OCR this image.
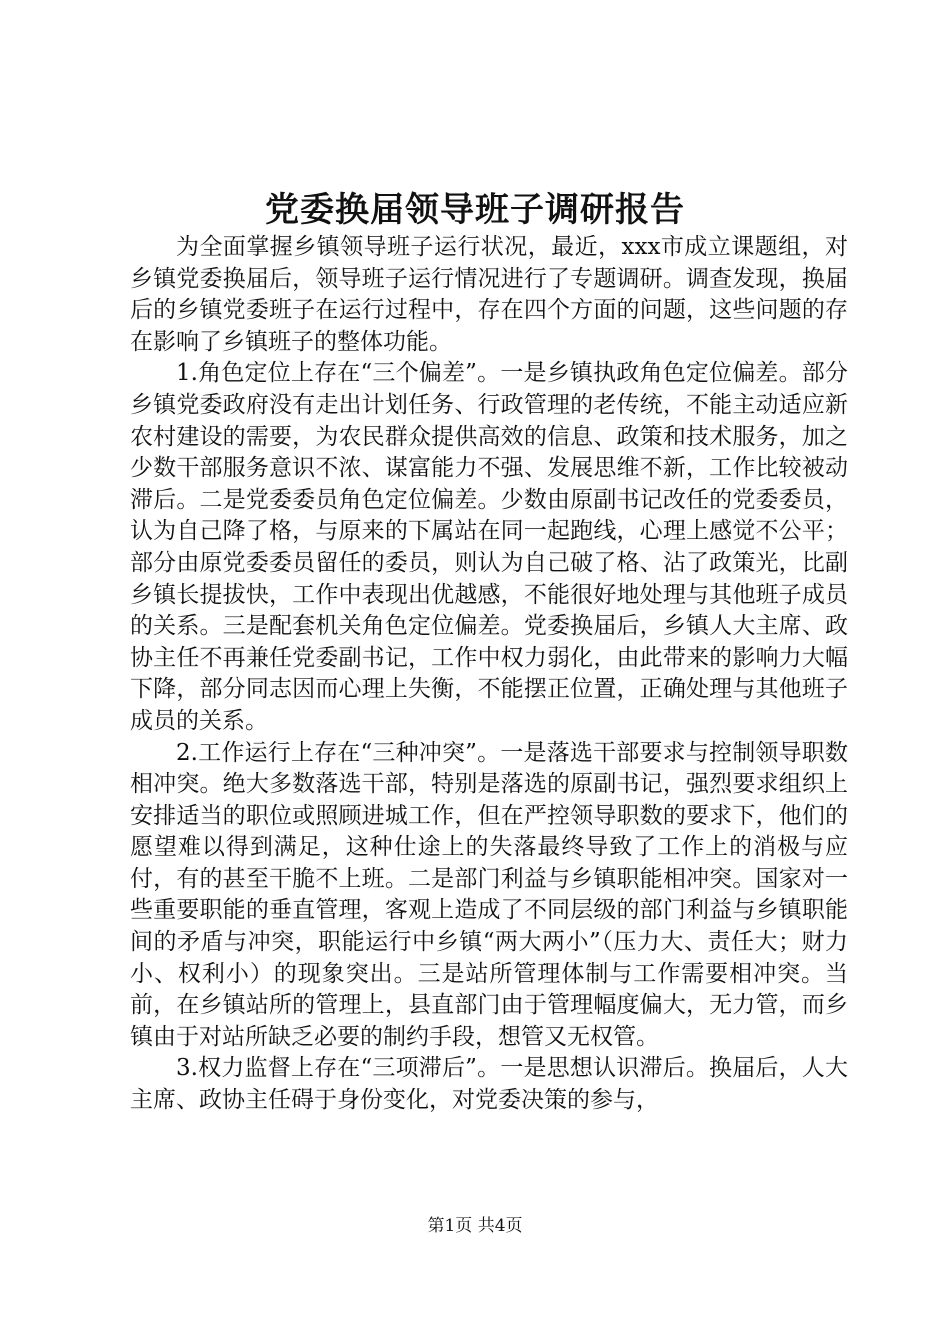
党委换届领导班子调研报告

为全面掌握乡镇领导班子运行状况，最近，xxx市成立课题组，对乡镇党委换届后，领导班子运行情况进行了专题调研。调查发现，换届后的乡镇党委班子在运行过程中，存在四个方面的问题，这些问题的存在影响了乡镇班子的整体功能。

1.角色定位上存在“三个偏差”。一是乡镇执政角色定位偏差。部分乡镇党委政府没有走出计划任务、行政管理的老传统，不能主动适应新农村建设的需要，为农民群众提供高效的信息、政策和技术服务，加之少数干部服务意识不浓、谋富能力不强、发展思维不新，工作比较被动滞后。二是党委委员角色定位偏差。少数由原副书记改任的党委委员，认为自己降了格，与原来的下属站在同一起跑线，心理上感觉不公平；部分由原党委委员留任的委员，则认为自己破了格、沾了政策光，比副乡镇长提拔快，工作中表现出优越感，不能很好地处理与其他班子成员的关系。三是配套机关角色定位偏差。党委换届后，乡镇人大主席、政协主任不再兼任党委副书记，工作中权力弱化，由此带来的影响力大幅下降，部分同志因而心理上失衡，不能摆正位置，正确处理与其他班子成员的关系。

2.工作运行上存在“三种冲突”。一是落选干部要求与控制领导职数相冲突。绝大多数落选干部，特别是落选的原副书记，强烈要求组织上安排适当的职位或照顾进城工作，但在严控领导职数的要求下，他们的愿望难以得到满足，这种仕途上的失落最终导致了工作上的消极与应付，有的甚至干脆不上班。二是部门利益与乡镇职能相冲突。国家对一些重要职能的垂直管理，客观上造成了不同层级的部门利益与乡镇职能间的矛盾与冲突，职能运行中乡镇“两大两小”（压力大、责任大；财力小、权利小）的现象突出。三是站所管理体制与工作需要相冲突。当前，在乡镇站所的管理上，县直部门由于管理幅度偏大，无力管，而乡镇由于对站所缺乏必要的制约手段，想管又无权管。

3.权力监督上存在“三项滞后”。一是思想认识滞后。换届后，人大主席、政协主任碍于身份变化，对党委决策的参与，

第1页 共4页
